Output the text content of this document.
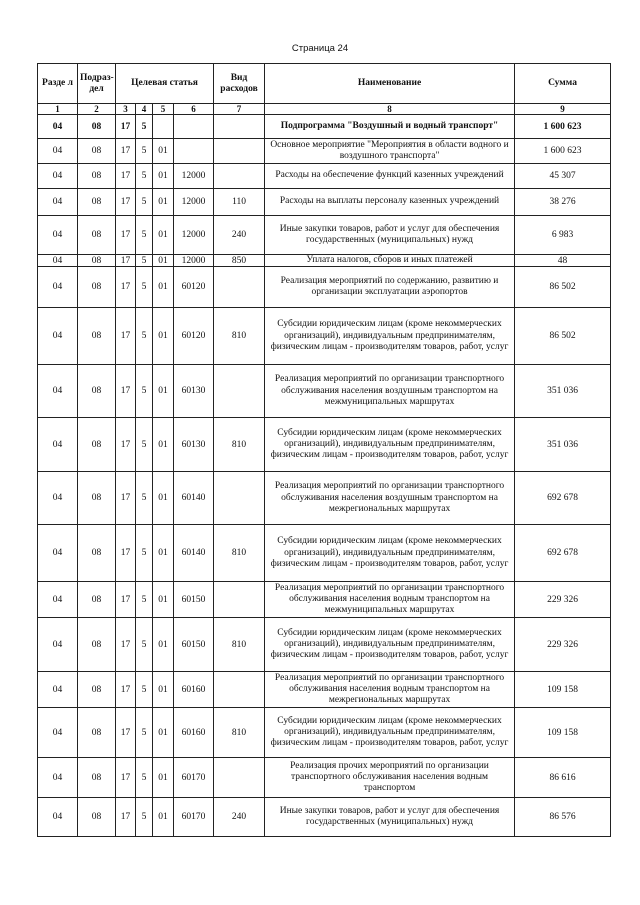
Страница 24
Разде л	Подраз- дел	Целевая статья				Вид расходов	Наименование	Сумма
1	2	3	4	5	6	7	8	9
04	08	17	5				Подпрограмма "Воздушный и водный транспорт"	1 600 623
04	08	17	5	01			Основное мероприятие "Мероприятия в области водного и воздушного транспорта"	1 600 623
04	08	17	5	01	12000		Расходы на обеспечение функций казенных учреждений	45 307
04	08	17	5	01	12000	110	Расходы на выплаты персоналу казенных учреждений	38 276
04	08	17	5	01	12000	240	Иные закупки товаров, работ и услуг для обеспечения государственных (муниципальных) нужд	6 983
04	08	17	5	01	12000	850	Уплата налогов, сборов и иных платежей	48
04	08	17	5	01	60120		Реализация мероприятий по содержанию, развитию и организации эксплуатации аэропортов	86 502
04	08	17	5	01	60120	810	Субсидии юридическим лицам (кроме некоммерческих организаций), индивидуальным предпринимателям, физическим лицам - производителям товаров, работ, услуг	86 502
04	08	17	5	01	60130		Реализация мероприятий по организации транспортного обслуживания населения воздушным транспортом на межмуниципальных маршрутах	351 036
04	08	17	5	01	60130	810	Субсидии юридическим лицам (кроме некоммерческих организаций), индивидуальным предпринимателям, физическим лицам - производителям товаров, работ, услуг	351 036
04	08	17	5	01	60140		Реализация мероприятий по организации транспортного обслуживания населения воздушным транспортом на межрегиональных маршрутах	692 678
04	08	17	5	01	60140	810	Субсидии юридическим лицам (кроме некоммерческих организаций), индивидуальным предпринимателям, физическим лицам - производителям товаров, работ, услуг	692 678
04	08	17	5	01	60150		Реализация мероприятий по организации транспортного обслуживания населения водным транспортом на межмуниципальных маршрутах	229 326
04	08	17	5	01	60150	810	Субсидии юридическим лицам (кроме некоммерческих организаций), индивидуальным предпринимателям, физическим лицам - производителям товаров, работ, услуг	229 326
04	08	17	5	01	60160		Реализация мероприятий по организации транспортного обслуживания населения водным транспортом на межрегиональных маршрутах	109 158
04	08	17	5	01	60160	810	Субсидии юридическим лицам (кроме некоммерческих организаций), индивидуальным предпринимателям, физическим лицам - производителям товаров, работ, услуг	109 158
04	08	17	5	01	60170		Реализация прочих мероприятий по организации транспортного обслуживания населения водным транспортом	86 616
04	08	17	5	01	60170	240	Иные закупки товаров, работ и услуг для обеспечения государственных (муниципальных) нужд	86 576
